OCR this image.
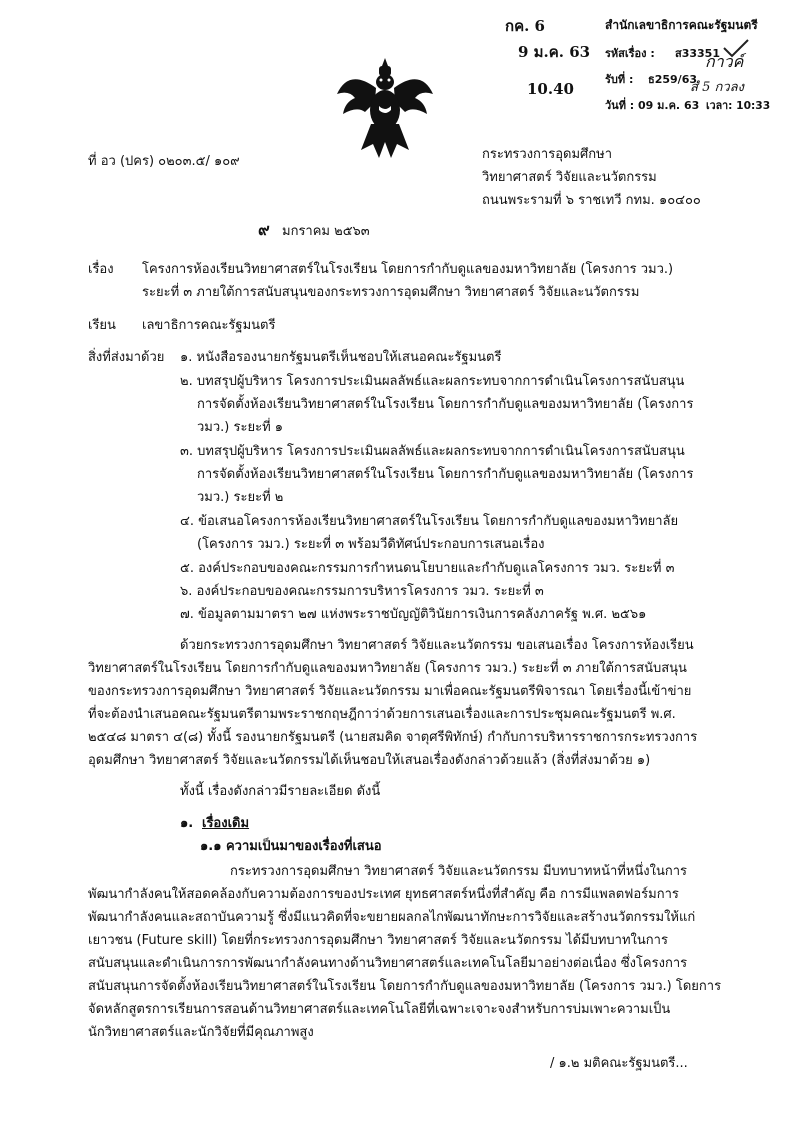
กค. 6
9 ม.ค. 63
10.40
สำนักเลขาธิการคณะรัฐมนตรี
รหัสเรื่อง : ส33351
รับที่ : ธ259/63
วันที่ : 09 ม.ค. 63 เวลา: 10:33
กาวค์
สํ 5 กวลง
ที่ อว (ปคร) ๐๒๐๓.๕/ ๑๐๙	กระทรวงการอุดมศึกษา
วิทยาศาสตร์ วิจัยและนวัตกรรม
ถนนพระรามที่ ๖ ราชเทวี กทม. ๑๐๔๐๐
๙ มกราคม ๒๕๖๓
เรื่อง โครงการห้องเรียนวิทยาศาสตร์ในโรงเรียน โดยการกำกับดูแลของมหาวิทยาลัย (โครงการ วมว.)
ระยะที่ ๓ ภายใต้การสนับสนุนของกระทรวงการอุดมศึกษา วิทยาศาสตร์ วิจัยและนวัตกรรม
เรียน เลขาธิการคณะรัฐมนตรี
สิ่งที่ส่งมาด้วย ๑. หนังสือรองนายกรัฐมนตรีเห็นชอบให้เสนอคณะรัฐมนตรี
๒. บทสรุปผู้บริหาร โครงการประเมินผลลัพธ์และผลกระทบจากการดำเนินโครงการสนับสนุน
การจัดตั้งห้องเรียนวิทยาศาสตร์ในโรงเรียน โดยการกำกับดูแลของมหาวิทยาลัย (โครงการ
วมว.) ระยะที่ ๑
๓. บทสรุปผู้บริหาร โครงการประเมินผลลัพธ์และผลกระทบจากการดำเนินโครงการสนับสนุน
การจัดตั้งห้องเรียนวิทยาศาสตร์ในโรงเรียน โดยการกำกับดูแลของมหาวิทยาลัย (โครงการ
วมว.) ระยะที่ ๒
๔. ข้อเสนอโครงการห้องเรียนวิทยาศาสตร์ในโรงเรียน โดยการกำกับดูแลของมหาวิทยาลัย
(โครงการ วมว.) ระยะที่ ๓ พร้อมวีดิทัศน์ประกอบการเสนอเรื่อง
๕. องค์ประกอบของคณะกรรมการกำหนดนโยบายและกำกับดูแลโครงการ วมว. ระยะที่ ๓
๖. องค์ประกอบของคณะกรรมการบริหารโครงการ วมว. ระยะที่ ๓
๗. ข้อมูลตามมาตรา ๒๗ แห่งพระราชบัญญัติวินัยการเงินการคลังภาครัฐ พ.ศ. ๒๕๖๑
ด้วยกระทรวงการอุดมศึกษา วิทยาศาสตร์ วิจัยและนวัตกรรม ขอเสนอเรื่อง โครงการห้องเรียน
วิทยาศาสตร์ในโรงเรียน โดยการกำกับดูแลของมหาวิทยาลัย (โครงการ วมว.) ระยะที่ ๓ ภายใต้การสนับสนุน
ของกระทรวงการอุดมศึกษา วิทยาศาสตร์ วิจัยและนวัตกรรม มาเพื่อคณะรัฐมนตรีพิจารณา โดยเรื่องนี้เข้าข่าย
ที่จะต้องนำเสนอคณะรัฐมนตรีตามพระราชกฤษฎีกาว่าด้วยการเสนอเรื่องและการประชุมคณะรัฐมนตรี พ.ศ.
๒๕๔๘ มาตรา ๔(๘) ทั้งนี้ รองนายกรัฐมนตรี (นายสมคิด จาตุศรีพิทักษ์) กำกับการบริหารราชการกระทรวงการ
อุดมศึกษา วิทยาศาสตร์ วิจัยและนวัตกรรมได้เห็นชอบให้เสนอเรื่องดังกล่าวด้วยแล้ว (สิ่งที่ส่งมาด้วย ๑)
ทั้งนี้ เรื่องดังกล่าวมีรายละเอียด ดังนี้
๑. เรื่องเดิม
๑.๑ ความเป็นมาของเรื่องที่เสนอ
กระทรวงการอุดมศึกษา วิทยาศาสตร์ วิจัยและนวัตกรรม มีบทบาทหน้าที่หนึ่งในการ
พัฒนากำลังคนให้สอดคล้องกับความต้องการของประเทศ ยุทธศาสตร์หนึ่งที่สำคัญ คือ การมีแพลตฟอร์มการ
พัฒนากำลังคนและสถาบันความรู้ ซึ่งมีแนวคิดที่จะขยายผลกลไกพัฒนาทักษะการวิจัยและสร้างนวัตกรรมให้แก่
เยาวชน (Future skill) โดยที่กระทรวงการอุดมศึกษา วิทยาศาสตร์ วิจัยและนวัตกรรม ได้มีบทบาทในการ
สนับสนุนและดำเนินการการพัฒนากำลังคนทางด้านวิทยาศาสตร์และเทคโนโลยีมาอย่างต่อเนื่อง ซึ่งโครงการ
สนับสนุนการจัดตั้งห้องเรียนวิทยาศาสตร์ในโรงเรียน โดยการกำกับดูแลของมหาวิทยาลัย (โครงการ วมว.) โดยการ
จัดหลักสูตรการเรียนการสอนด้านวิทยาศาสตร์และเทคโนโลยีที่เฉพาะเจาะจงสำหรับการบ่มเพาะความเป็น
นักวิทยาศาสตร์และนักวิจัยที่มีคุณภาพสูง
/ ๑.๒ มติคณะรัฐมนตรี...
